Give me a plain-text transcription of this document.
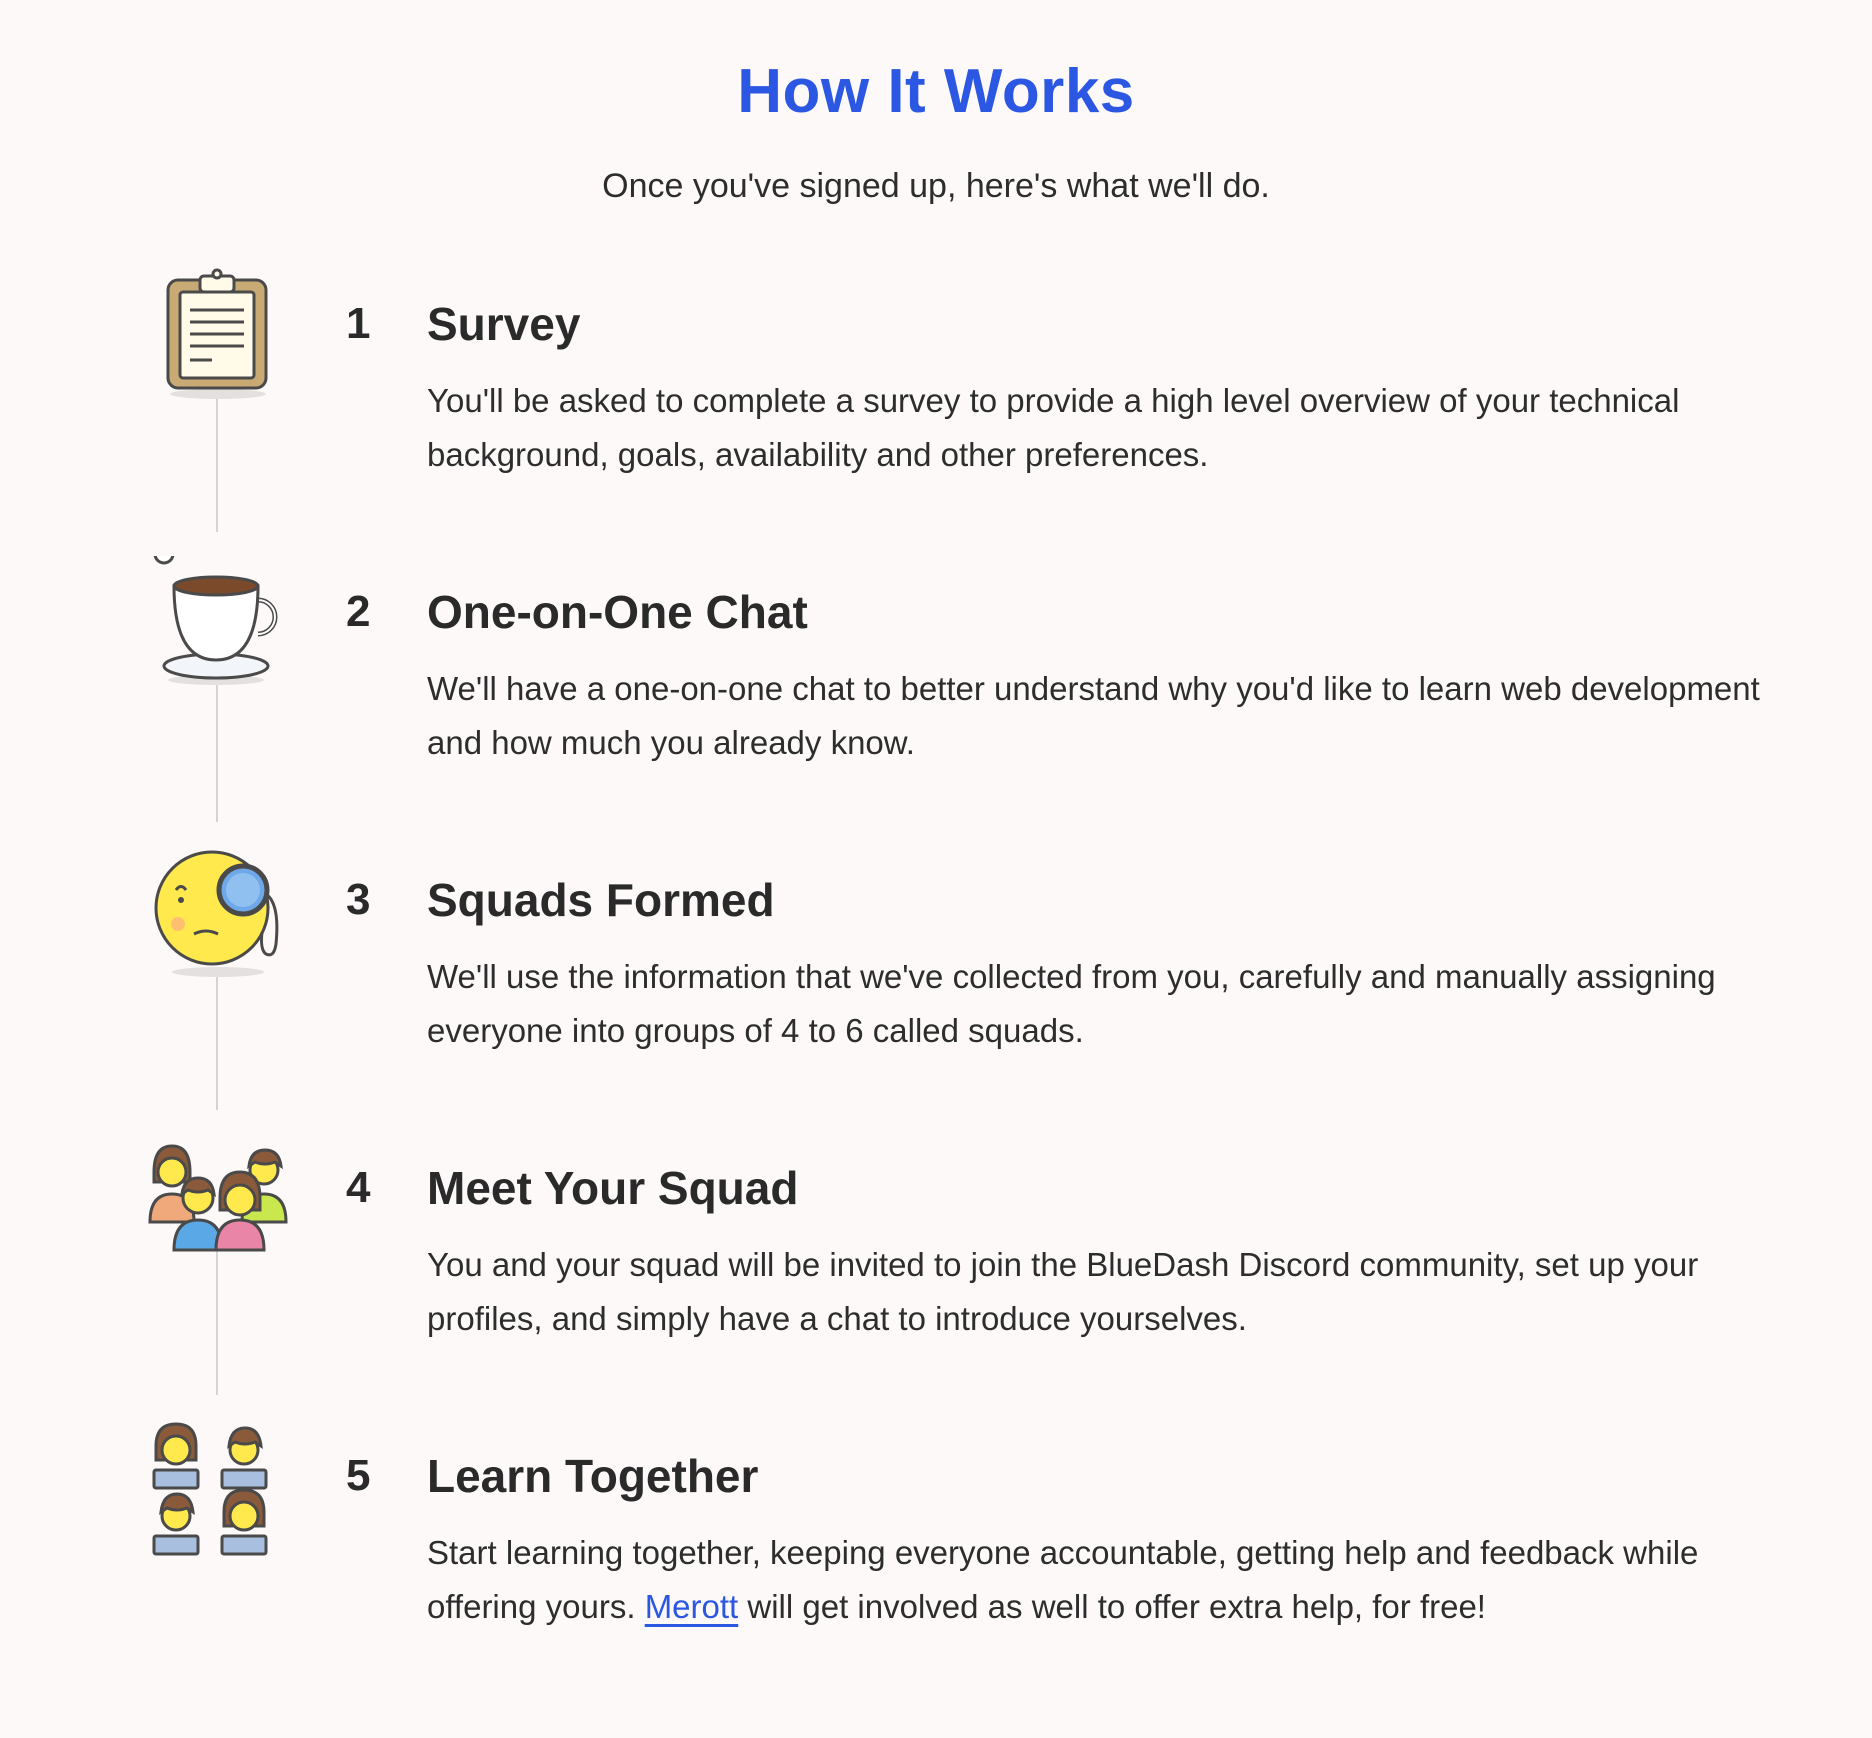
How It Works

Once you've signed up, here's what we'll do.

1 Survey

You'll be asked to complete a survey to provide a high level overview of your technical background, goals, availability and other preferences.

2 One-on-One Chat

We'll have a one-on-one chat to better understand why you'd like to learn web development and how much you already know.

3 Squads Formed

We'll use the information that we've collected from you, carefully and manually assigning everyone into groups of 4 to 6 called squads.

4 Meet Your Squad

You and your squad will be invited to join the BlueDash Discord community, set up your profiles, and simply have a chat to introduce yourselves.

5 Learn Together

Start learning together, keeping everyone accountable, getting help and feedback while offering yours. Merott will get involved as well to offer extra help, for free!
